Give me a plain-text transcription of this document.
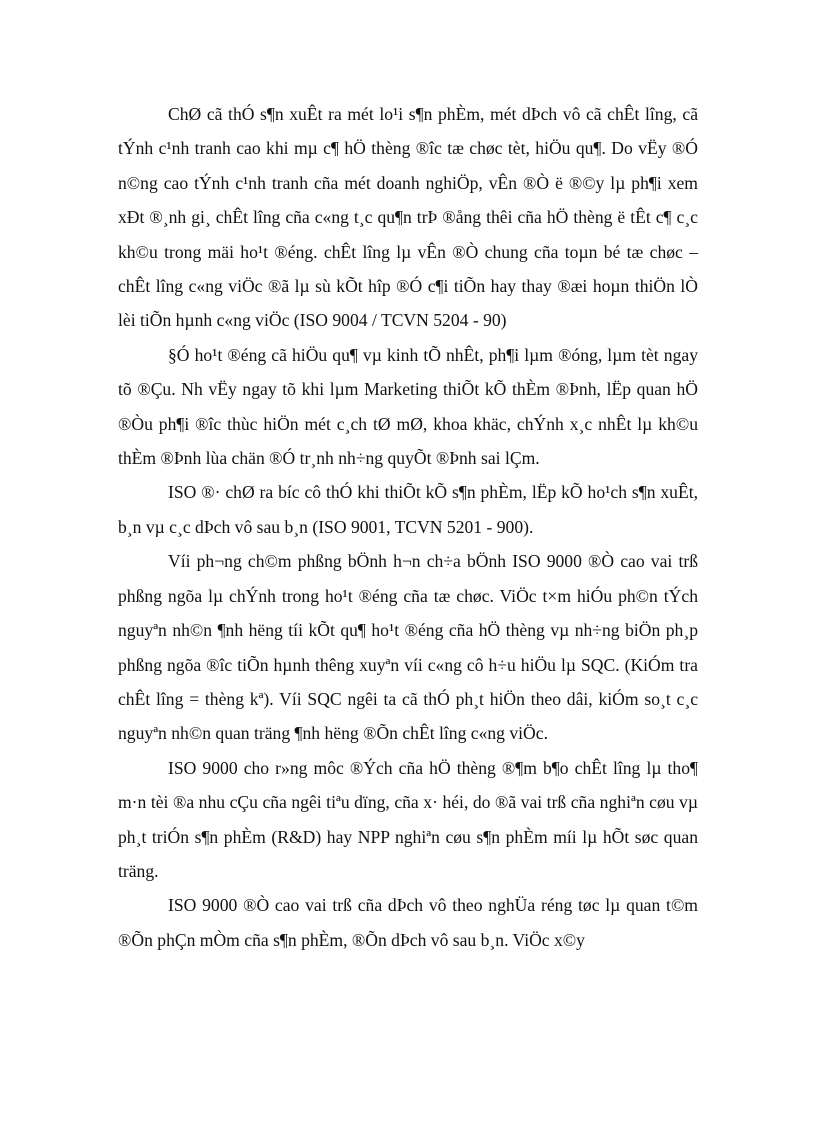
ChØ cã thÓ s¶n xuÊt ra mét lo¹i s¶n phÈm, mét dÞch vô cã chÊt lîng, cã tÝnh c¹nh tranh cao khi mµ c¶ hÖ thèng ®îc tæ chøc tèt, hiÖu qu¶. Do vËy ®Ó n©ng cao tÝnh c¹nh tranh cña mét doanh nghiÖp, vÊn ®Ò ë ®©y lµ ph¶i xem xÐt ®¸nh gi¸ chÊt lîng cña c«ng t¸c qu¶n trÞ ®ång thêi cña hÖ thèng ë tÊt c¶ c¸c kh©u trong mäi ho¹t ®éng. chÊt lîng lµ vÊn ®Ò chung cña toµn bé tæ chøc – chÊt lîng c«ng viÖc ®ã lµ sù kÕt hîp ®Ó c¶i tiÕn hay thay ®æi hoµn thiÖn lÒ lèi tiÕn hµnh c«ng viÖc (ISO 9004 / TCVN 5204 - 90)

§Ó ho¹t ®éng cã hiÖu qu¶ vµ kinh tÕ nhÊt, ph¶i lµm ®óng, lµm tèt ngay tõ ®Çu. Nh vËy ngay tõ khi lµm Marketing thiÕt kÕ thÈm ®Þnh, lËp quan hÖ ®Òu ph¶i ®îc thùc hiÖn mét c¸ch tØ mØ, khoa khäc, chÝnh x¸c nhÊt lµ kh©u thÈm ®Þnh lùa chän ®Ó tr¸nh nh÷ng quyÕt ®Þnh sai lÇm.

ISO ®· chØ ra bíc cô thÓ khi thiÕt kÕ s¶n phÈm, lËp kÕ ho¹ch s¶n xuÊt, b¸n vµ c¸c dÞch vô sau b¸n (ISO 9001, TCVN 5201 - 900).

Víi ph¬ng ch©m phßng bÖnh h¬n ch÷a bÖnh ISO 9000 ®Ò cao vai trß phßng ngõa lµ chÝnh trong ho¹t ®éng cña tæ chøc. ViÖc t×m hiÓu ph©n tÝch nguyªn nh©n ¶nh hëng tíi kÕt qu¶ ho¹t ®éng cña hÖ thèng vµ nh÷ng biÖn ph¸p phßng ngõa ®îc tiÕn hµnh thêng xuyªn víi c«ng cô h÷u hiÖu lµ SQC. (KiÓm tra chÊt lîng = thèng kª). Víi SQC ngêi ta cã thÓ ph¸t hiÖn theo dâi, kiÓm so¸t c¸c nguyªn nh©n quan träng ¶nh hëng ®Õn chÊt lîng c«ng viÖc.

ISO 9000 cho r»ng môc ®Ých cña hÖ thèng ®¶m b¶o chÊt lîng lµ tho¶ m·n tèi ®a nhu cÇu cña ngêi tiªu dïng, cña x· héi, do ®ã vai trß cña nghiªn cøu vµ ph¸t triÓn s¶n phÈm (R&D) hay NPP nghiªn cøu s¶n phÈm míi lµ hÕt søc quan träng.

ISO 9000 ®Ò cao vai trß cña dÞch vô theo nghÜa réng tøc lµ quan t©m ®Õn phÇn mÒm cña s¶n phÈm, ®Õn dÞch vô sau b¸n. ViÖc x©y
